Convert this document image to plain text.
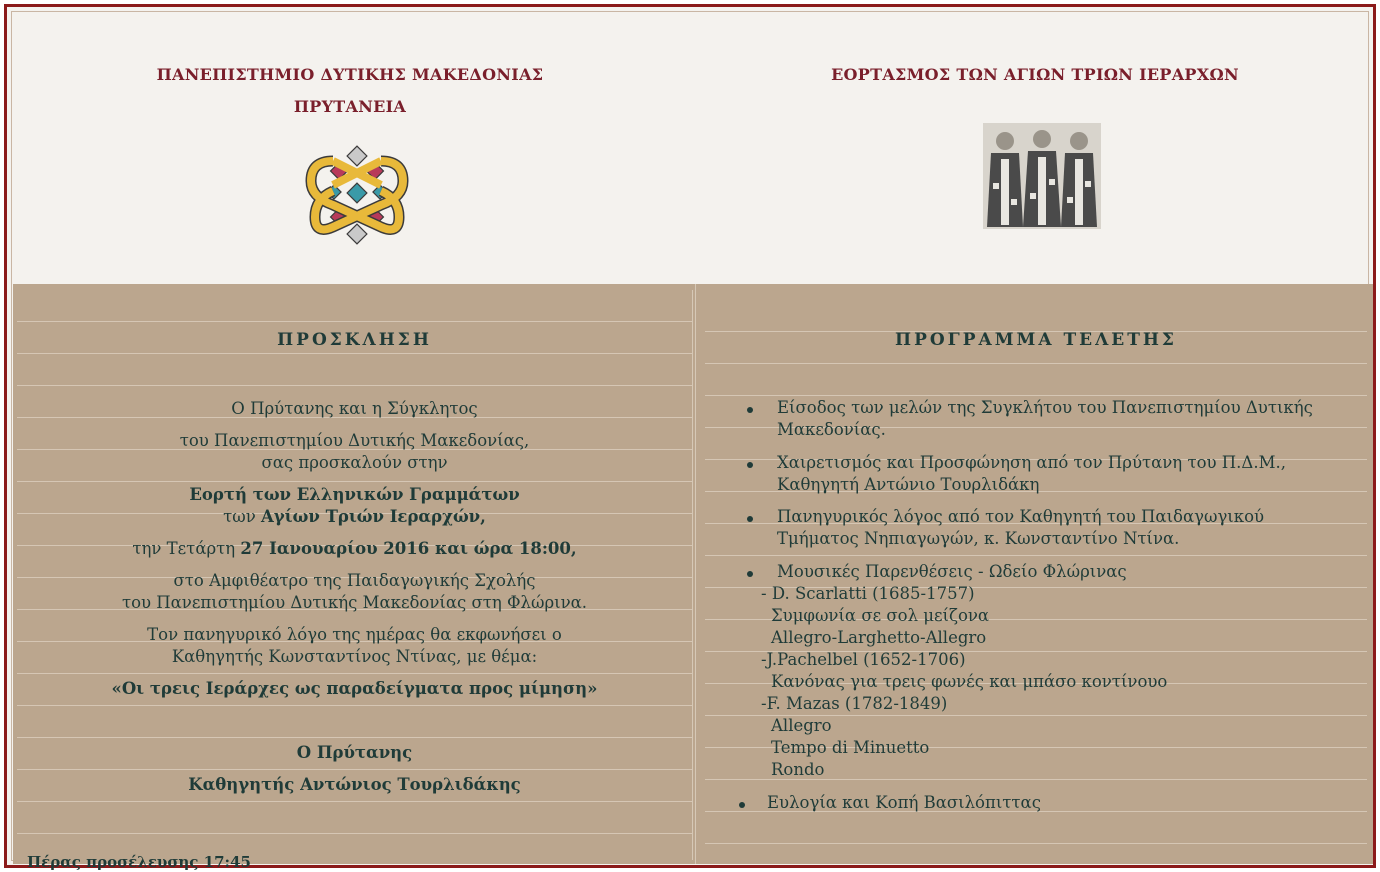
ΠΑΝΕΠΙΣΤΗΜΙΟ ΔΥΤΙΚΗΣ ΜΑΚΕΔΟΝΙΑΣ
ΠΡΥΤΑΝΕΙΑ
ΕΟΡΤΑΣΜΟΣ ΤΩΝ ΑΓΙΩΝ ΤΡΙΩΝ ΙΕΡΑΡΧΩΝ
ΠΡΟΣΚΛΗΣΗ
Ο Πρύτανης και η Σύγκλητος
του Πανεπιστημίου Δυτικής Μακεδονίας,
σας προσκαλούν στην
Εορτή των Ελληνικών Γραμμάτων
των Αγίων Τριών Ιεραρχών,
την Τετάρτη 27 Ιανουαρίου 2016 και ώρα 18:00,
στο Αμφιθέατρο της Παιδαγωγικής Σχολής
του Πανεπιστημίου Δυτικής Μακεδονίας στη Φλώρινα.
Τον πανηγυρικό λόγο της ημέρας θα εκφωνήσει ο
Καθηγητής Κωνσταντίνος Ντίνας, με θέμα:
«Οι τρεις Ιεράρχες ως παραδείγματα προς μίμηση»
Ο Πρύτανης
Καθηγητής Αντώνιος Τουρλιδάκης
Πέρας προσέλευσης 17:45
ΠΡΟΓΡΑΜΜΑ ΤΕΛΕΤΗΣ
Είσοδος των μελών της Συγκλήτου του Πανεπιστημίου Δυτικής
Μακεδονίας.
Χαιρετισμός και Προσφώνηση από τον Πρύτανη του Π.Δ.Μ.,
Καθηγητή Αντώνιο Τουρλιδάκη
Πανηγυρικός λόγος από τον Καθηγητή του Παιδαγωγικού
Τμήματος Νηπιαγωγών, κ. Κωνσταντίνο Ντίνα.
Μουσικές Παρενθέσεις - Ωδείο Φλώρινας
- D. Scarlatti (1685-1757)
Συμφωνία σε σολ μείζονα
Allegro-Larghetto-Allegro
-J.Pachelbel (1652-1706)
Κανόνας για τρεις φωνές και μπάσο κοντίνουο
-F. Mazas (1782-1849)
Allegro
Tempo di Minuetto
Rondo
Ευλογία και Κοπή Βασιλόπιττας
